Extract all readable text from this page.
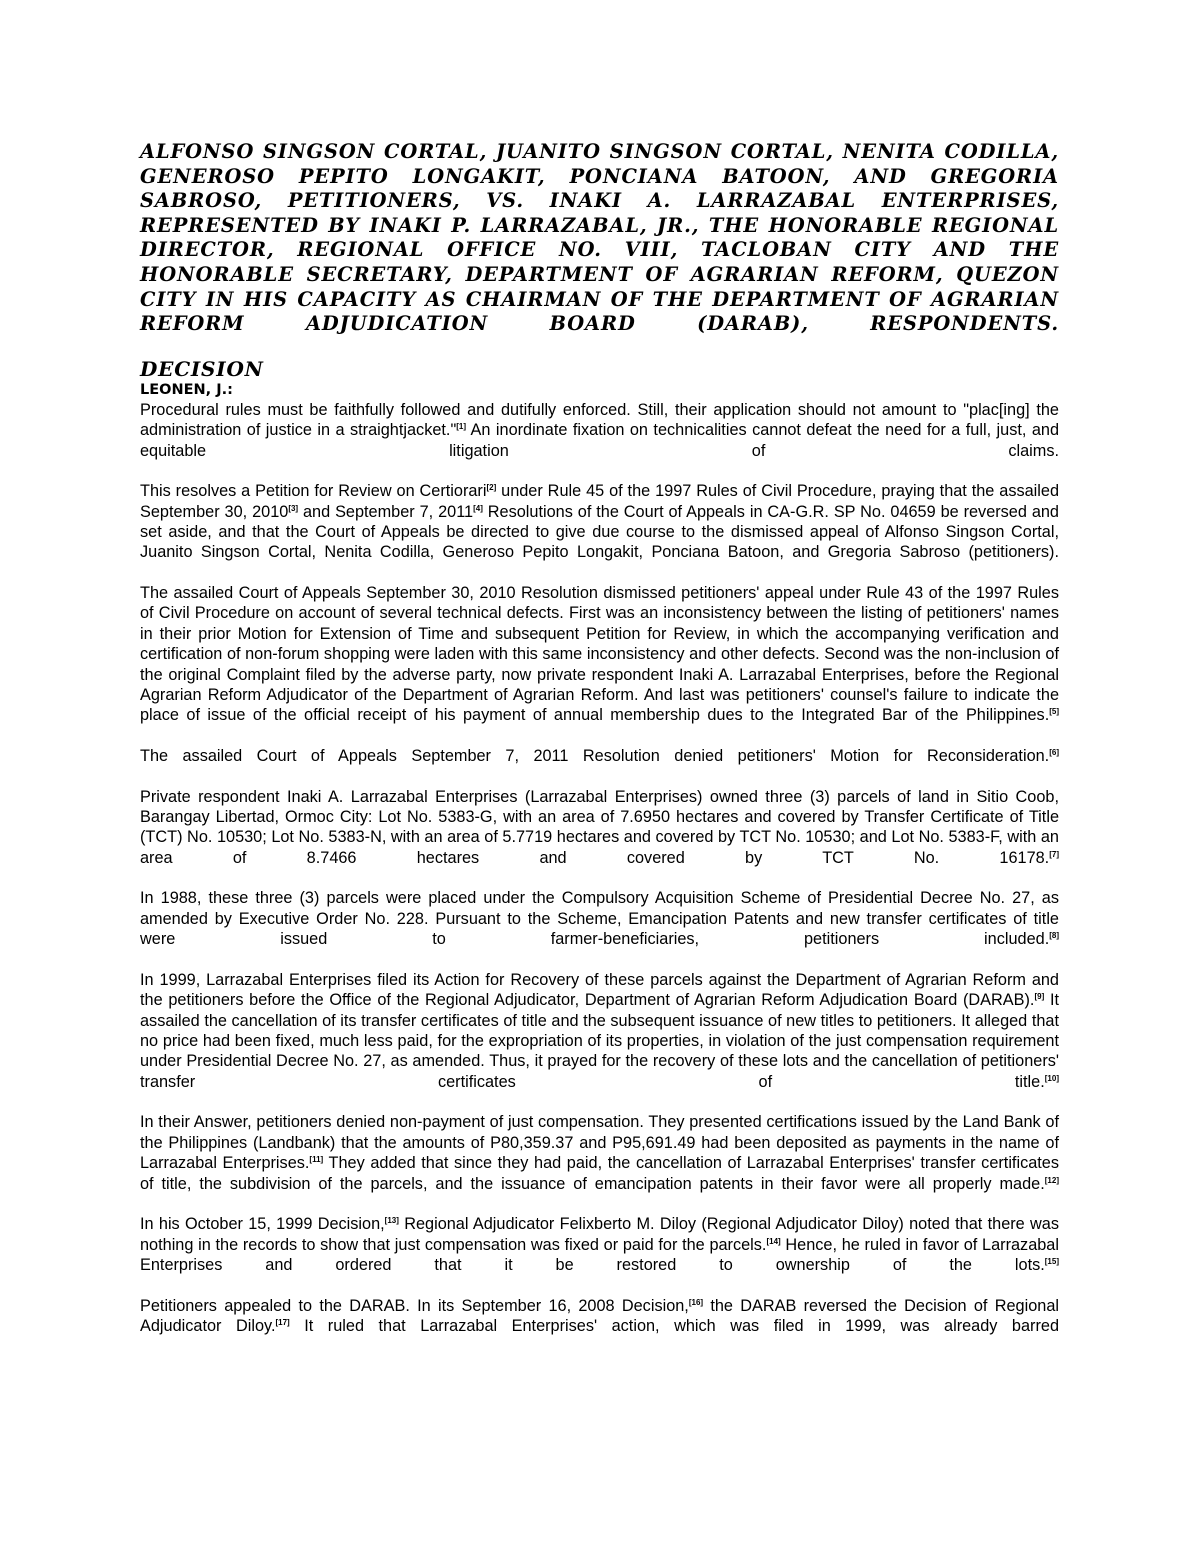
ALFONSO SINGSON CORTAL, JUANITO SINGSON CORTAL, NENITA CODILLA, GENEROSO PEPITO LONGAKIT, PONCIANA BATOON, AND GREGORIA SABROSO, PETITIONERS, VS. INAKI A. LARRAZABAL ENTERPRISES, REPRESENTED BY INAKI P. LARRAZABAL, JR., THE HONORABLE REGIONAL DIRECTOR, REGIONAL OFFICE NO. VIII, TACLOBAN CITY AND THE HONORABLE SECRETARY, DEPARTMENT OF AGRARIAN REFORM, QUEZON CITY IN HIS CAPACITY AS CHAIRMAN OF THE DEPARTMENT OF AGRARIAN REFORM ADJUDICATION BOARD (DARAB), RESPONDENTS.
DECISION
LEONEN, J.:

Procedural rules must be faithfully followed and dutifully enforced. Still, their application should not amount to "plac[ing] the administration of justice in a straightjacket."[1] An inordinate fixation on technicalities cannot defeat the need for a full, just, and equitable litigation of claims.

This resolves a Petition for Review on Certiorari[2] under Rule 45 of the 1997 Rules of Civil Procedure, praying that the assailed September 30, 2010[3] and September 7, 2011[4] Resolutions of the Court of Appeals in CA-G.R. SP No. 04659 be reversed and set aside, and that the Court of Appeals be directed to give due course to the dismissed appeal of Alfonso Singson Cortal, Juanito Singson Cortal, Nenita Codilla, Generoso Pepito Longakit, Ponciana Batoon, and Gregoria Sabroso (petitioners).

The assailed Court of Appeals September 30, 2010 Resolution dismissed petitioners' appeal under Rule 43 of the 1997 Rules of Civil Procedure on account of several technical defects. First was an inconsistency between the listing of petitioners' names in their prior Motion for Extension of Time and subsequent Petition for Review, in which the accompanying verification and certification of non-forum shopping were laden with this same inconsistency and other defects. Second was the non-inclusion of the original Complaint filed by the adverse party, now private respondent Inaki A. Larrazabal Enterprises, before the Regional Agrarian Reform Adjudicator of the Department of Agrarian Reform. And last was petitioners' counsel's failure to indicate the place of issue of the official receipt of his payment of annual membership dues to the Integrated Bar of the Philippines.[5]

The assailed Court of Appeals September 7, 2011 Resolution denied petitioners' Motion for Reconsideration.[6]

Private respondent Inaki A. Larrazabal Enterprises (Larrazabal Enterprises) owned three (3) parcels of land in Sitio Coob, Barangay Libertad, Ormoc City: Lot No. 5383-G, with an area of 7.6950 hectares and covered by Transfer Certificate of Title (TCT) No. 10530; Lot No. 5383-N, with an area of 5.7719 hectares and covered by TCT No. 10530; and Lot No. 5383-F, with an area of 8.7466 hectares and covered by TCT No. 16178.[7]

In 1988, these three (3) parcels were placed under the Compulsory Acquisition Scheme of Presidential Decree No. 27, as amended by Executive Order No. 228. Pursuant to the Scheme, Emancipation Patents and new transfer certificates of title were issued to farmer-beneficiaries, petitioners included.[8]

In 1999, Larrazabal Enterprises filed its Action for Recovery of these parcels against the Department of Agrarian Reform and the petitioners before the Office of the Regional Adjudicator, Department of Agrarian Reform Adjudication Board (DARAB).[9] It assailed the cancellation of its transfer certificates of title and the subsequent issuance of new titles to petitioners. It alleged that no price had been fixed, much less paid, for the expropriation of its properties, in violation of the just compensation requirement under Presidential Decree No. 27, as amended. Thus, it prayed for the recovery of these lots and the cancellation of petitioners' transfer certificates of title.[10]

In their Answer, petitioners denied non-payment of just compensation. They presented certifications issued by the Land Bank of the Philippines (Landbank) that the amounts of P80,359.37 and P95,691.49 had been deposited as payments in the name of Larrazabal Enterprises.[11] They added that since they had paid, the cancellation of Larrazabal Enterprises' transfer certificates of title, the subdivision of the parcels, and the issuance of emancipation patents in their favor were all properly made.[12]

In his October 15, 1999 Decision,[13] Regional Adjudicator Felixberto M. Diloy (Regional Adjudicator Diloy) noted that there was nothing in the records to show that just compensation was fixed or paid for the parcels.[14] Hence, he ruled in favor of Larrazabal Enterprises and ordered that it be restored to ownership of the lots.[15]

Petitioners appealed to the DARAB. In its September 16, 2008 Decision,[16] the DARAB reversed the Decision of Regional Adjudicator Diloy.[17] It ruled that Larrazabal Enterprises' action, which was filed in 1999, was already barred
